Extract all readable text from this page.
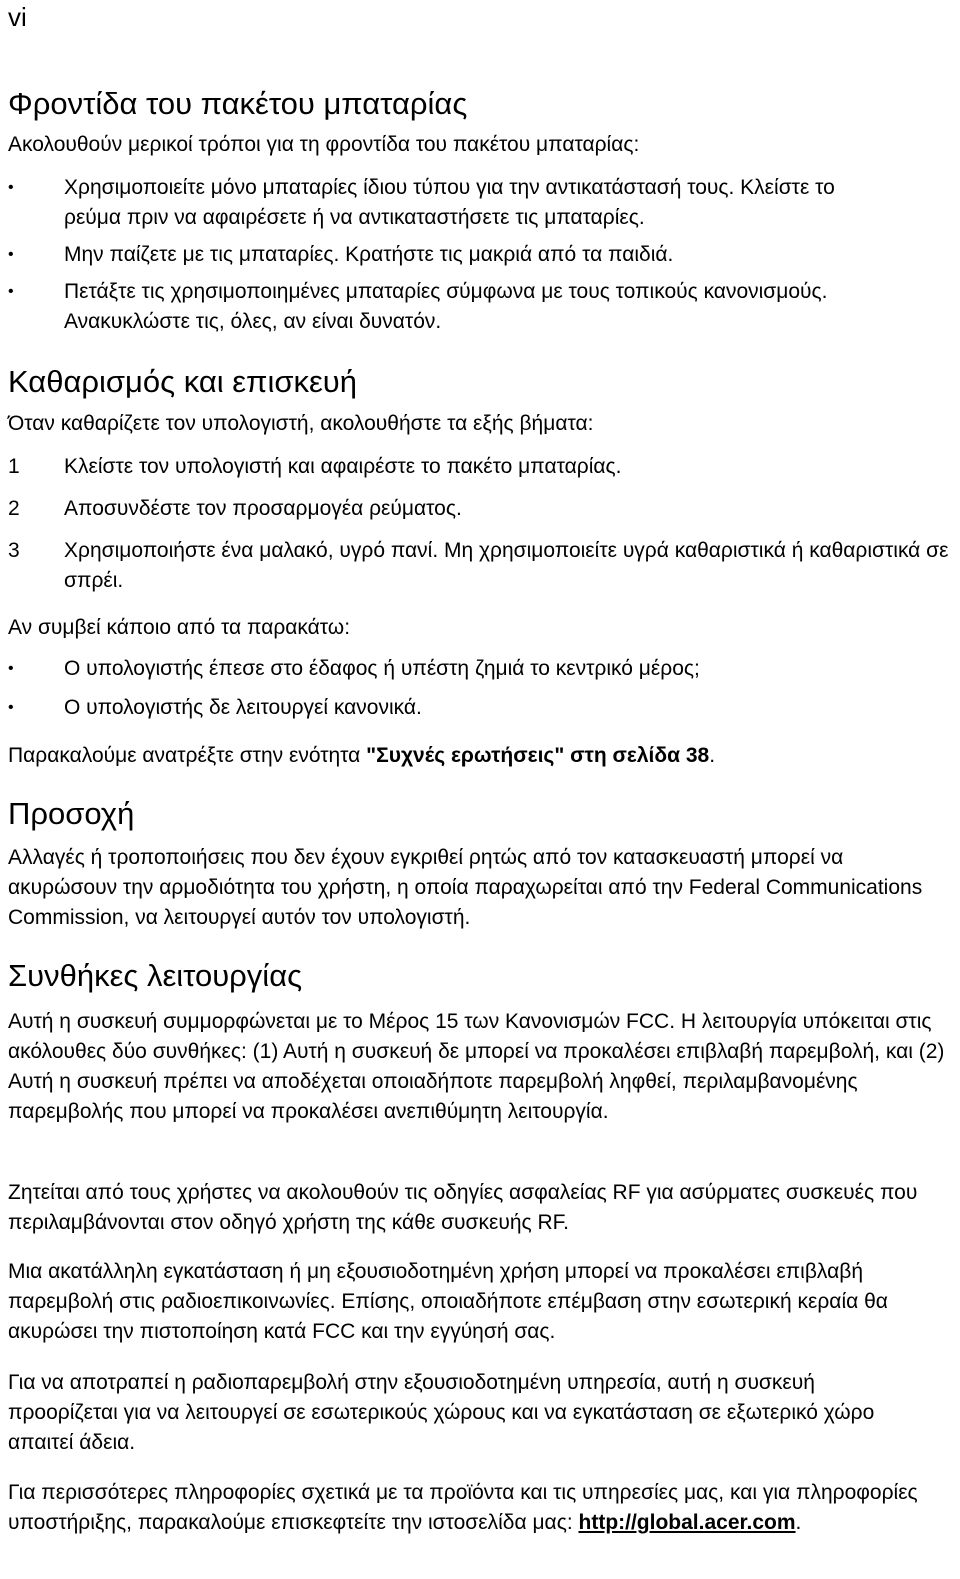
vi
Φροντίδα του πακέτου μπαταρίας

Ακολουθούν μερικοί τρόποι για τη φροντίδα του πακέτου μπαταρίας:

•	Χρησιμοποιείτε μόνο μπαταρίες ίδιου τύπου για την αντικατάστασή τους. Κλείστε το ρεύμα πριν να αφαιρέσετε ή να αντικαταστήσετε τις μπαταρίες.
•	Μην παίζετε με τις μπαταρίες. Κρατήστε τις μακριά από τα παιδιά.
•	Πετάξτε τις χρησιμοποιημένες μπαταρίες σύμφωνα με τους τοπικούς κανονισμούς. Ανακυκλώστε τις, όλες, αν είναι δυνατόν.
Καθαρισμός και επισκευή

Όταν καθαρίζετε τον υπολογιστή, ακολουθήστε τα εξής βήματα:

1	Κλείστε τον υπολογιστή και αφαιρέστε το πακέτο μπαταρίας.
2	Αποσυνδέστε τον προσαρμογέα ρεύματος.
3	Χρησιμοποιήστε ένα μαλακό, υγρό πανί. Μη χρησιμοποιείτε υγρά καθαριστικά ή καθαριστικά σε σπρέι.

Αν συμβεί κάποιο από τα παρακάτω:

•	Ο υπολογιστής έπεσε στο έδαφος ή υπέστη ζημιά το κεντρικό μέρος;
•	Ο υπολογιστής δε λειτουργεί κανονικά.

Παρακαλούμε ανατρέξτε στην ενότητα "Συχνές ερωτήσεις" στη σελίδα 38.

Προσοχή

Αλλαγές ή τροποποιήσεις που δεν έχουν εγκριθεί ρητώς από τον κατασκευαστή μπορεί να ακυρώσουν την αρμοδιότητα του χρήστη, η οποία παραχωρείται από την Federal Communications Commission, να λειτουργεί αυτόν τον υπολογιστή.

Συνθήκες λειτουργίας

Αυτή η συσκευή συμμορφώνεται με το Μέρος 15 των Κανονισμών FCC. Η λειτουργία υπόκειται στις ακόλουθες δύο συνθήκες: (1) Αυτή η συσκευή δε μπορεί να προκαλέσει επιβλαβή παρεμβολή, και (2) Αυτή η συσκευή πρέπει να αποδέχεται οποιαδήποτε παρεμβολή ληφθεί, περιλαμβανομένης παρεμβολής που μπορεί να προκαλέσει ανεπιθύμητη λειτουργία.

Ζητείται από τους χρήστες να ακολουθούν τις οδηγίες ασφαλείας RF για ασύρματες συσκευές που περιλαμβάνονται στον οδηγό χρήστη της κάθε συσκευής RF.

Μια ακατάλληλη εγκατάσταση ή μη εξουσιοδοτημένη χρήση μπορεί να προκαλέσει επιβλαβή παρεμβολή στις ραδιοεπικοινωνίες. Επίσης, οποιαδήποτε επέμβαση στην εσωτερική κεραία θα ακυρώσει την πιστοποίηση κατά FCC και την εγγύησή σας.

Για να αποτραπεί η ραδιοπαρεμβολή στην εξουσιοδοτημένη υπηρεσία, αυτή η συσκευή προορίζεται για να λειτουργεί σε εσωτερικούς χώρους και να εγκατάσταση σε εξωτερικό χώρο απαιτεί άδεια.

Για περισσότερες πληροφορίες σχετικά με τα προϊόντα και τις υπηρεσίες μας, και για πληροφορίες υποστήριξης, παρακαλούμε επισκεφτείτε την ιστοσελίδα μας: http://global.acer.com.
